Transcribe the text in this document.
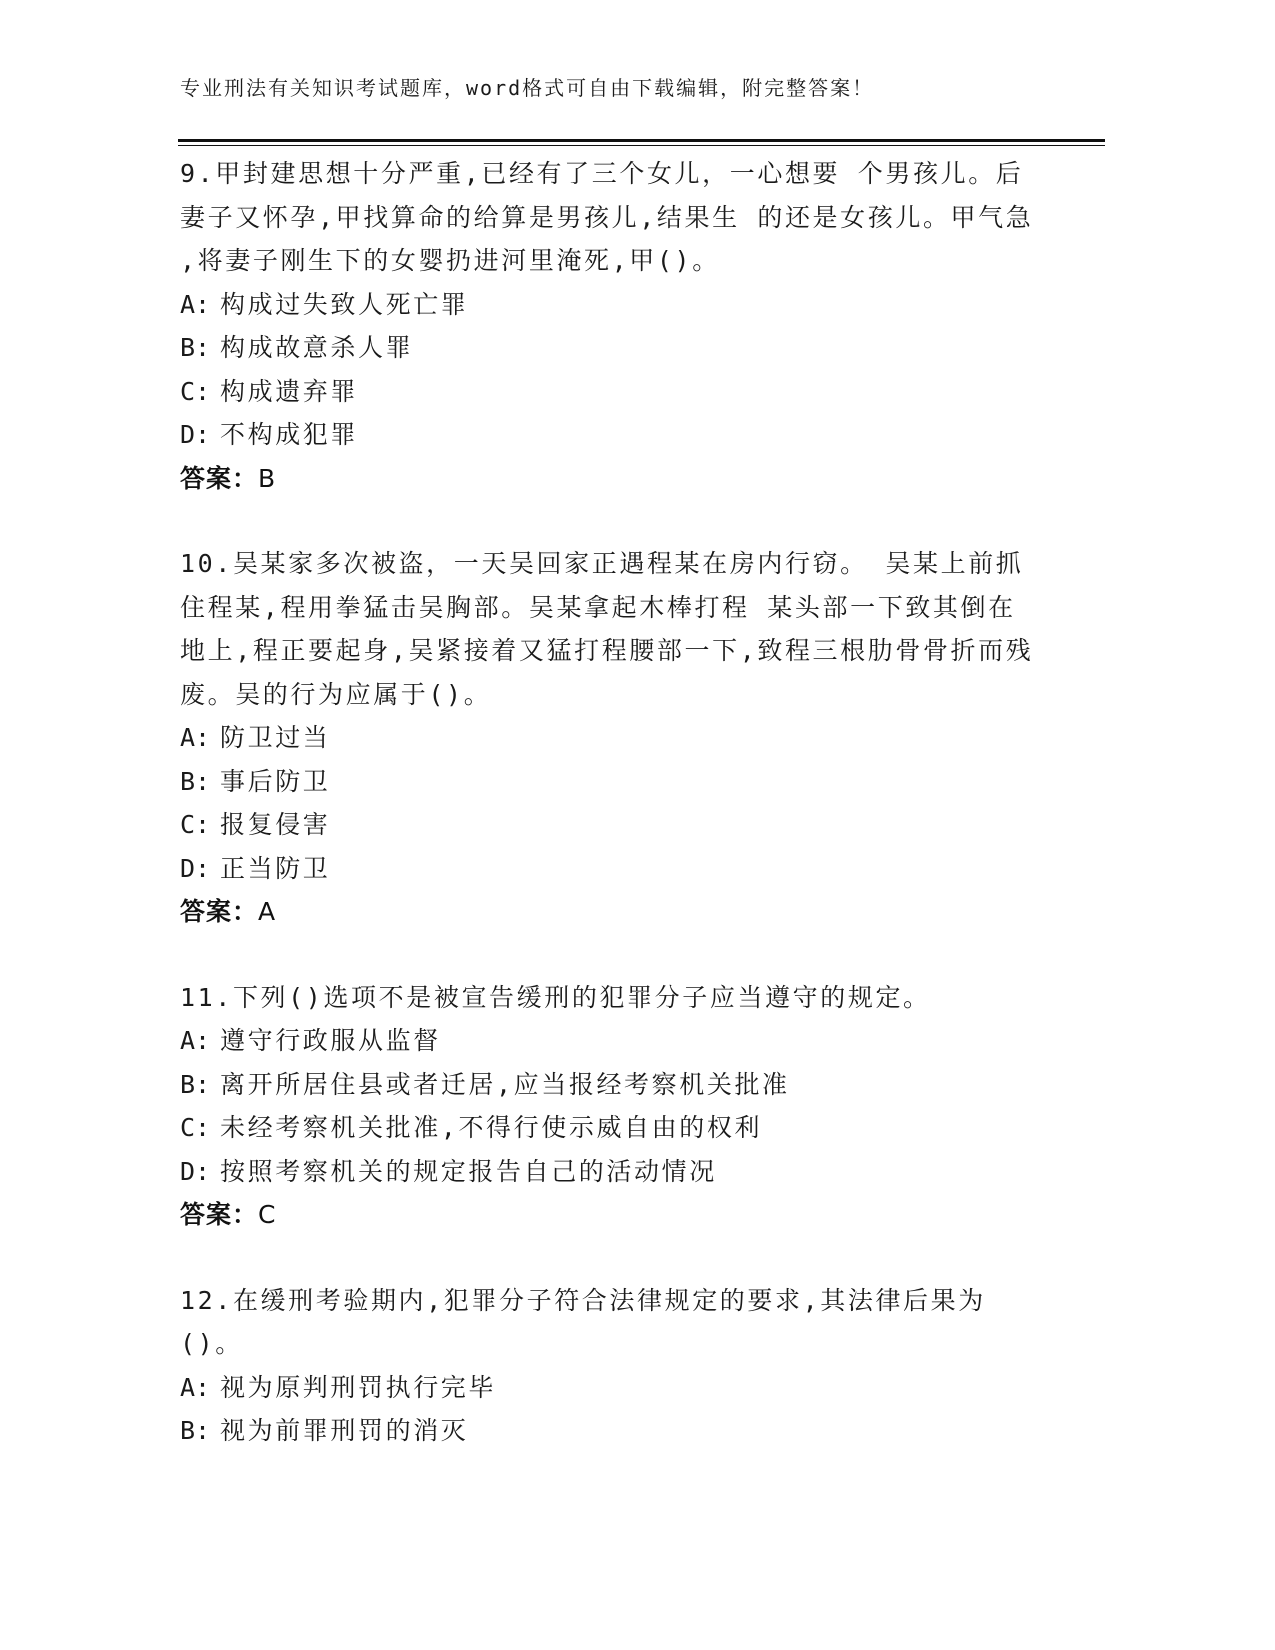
专业刑法有关知识考试题库，word格式可自由下载编辑，附完整答案！
9.甲封建思想十分严重,已经有了三个女儿，一心想要 个男孩儿。后
妻子又怀孕,甲找算命的给算是男孩儿,结果生 的还是女孩儿。甲气急
,将妻子刚生下的女婴扔进河里淹死,甲()。
A: 构成过失致人死亡罪
B: 构成故意杀人罪
C: 构成遗弃罪
D: 不构成犯罪
答案：B
10.吴某家多次被盗，一天吴回家正遇程某在房内行窃。 吴某上前抓
住程某,程用拳猛击吴胸部。吴某拿起木棒打程 某头部一下致其倒在
地上,程正要起身,吴紧接着又猛打程腰部一下,致程三根肋骨骨折而残
废。吴的行为应属于()。
A: 防卫过当
B: 事后防卫
C: 报复侵害
D: 正当防卫
答案：A
11.下列()选项不是被宣告缓刑的犯罪分子应当遵守的规定。
A: 遵守行政服从监督
B: 离开所居住县或者迁居,应当报经考察机关批准
C: 未经考察机关批准,不得行使示威自由的权利
D: 按照考察机关的规定报告自己的活动情况
答案：C
12.在缓刑考验期内,犯罪分子符合法律规定的要求,其法律后果为()。
A: 视为原判刑罚执行完毕
B: 视为前罪刑罚的消灭
